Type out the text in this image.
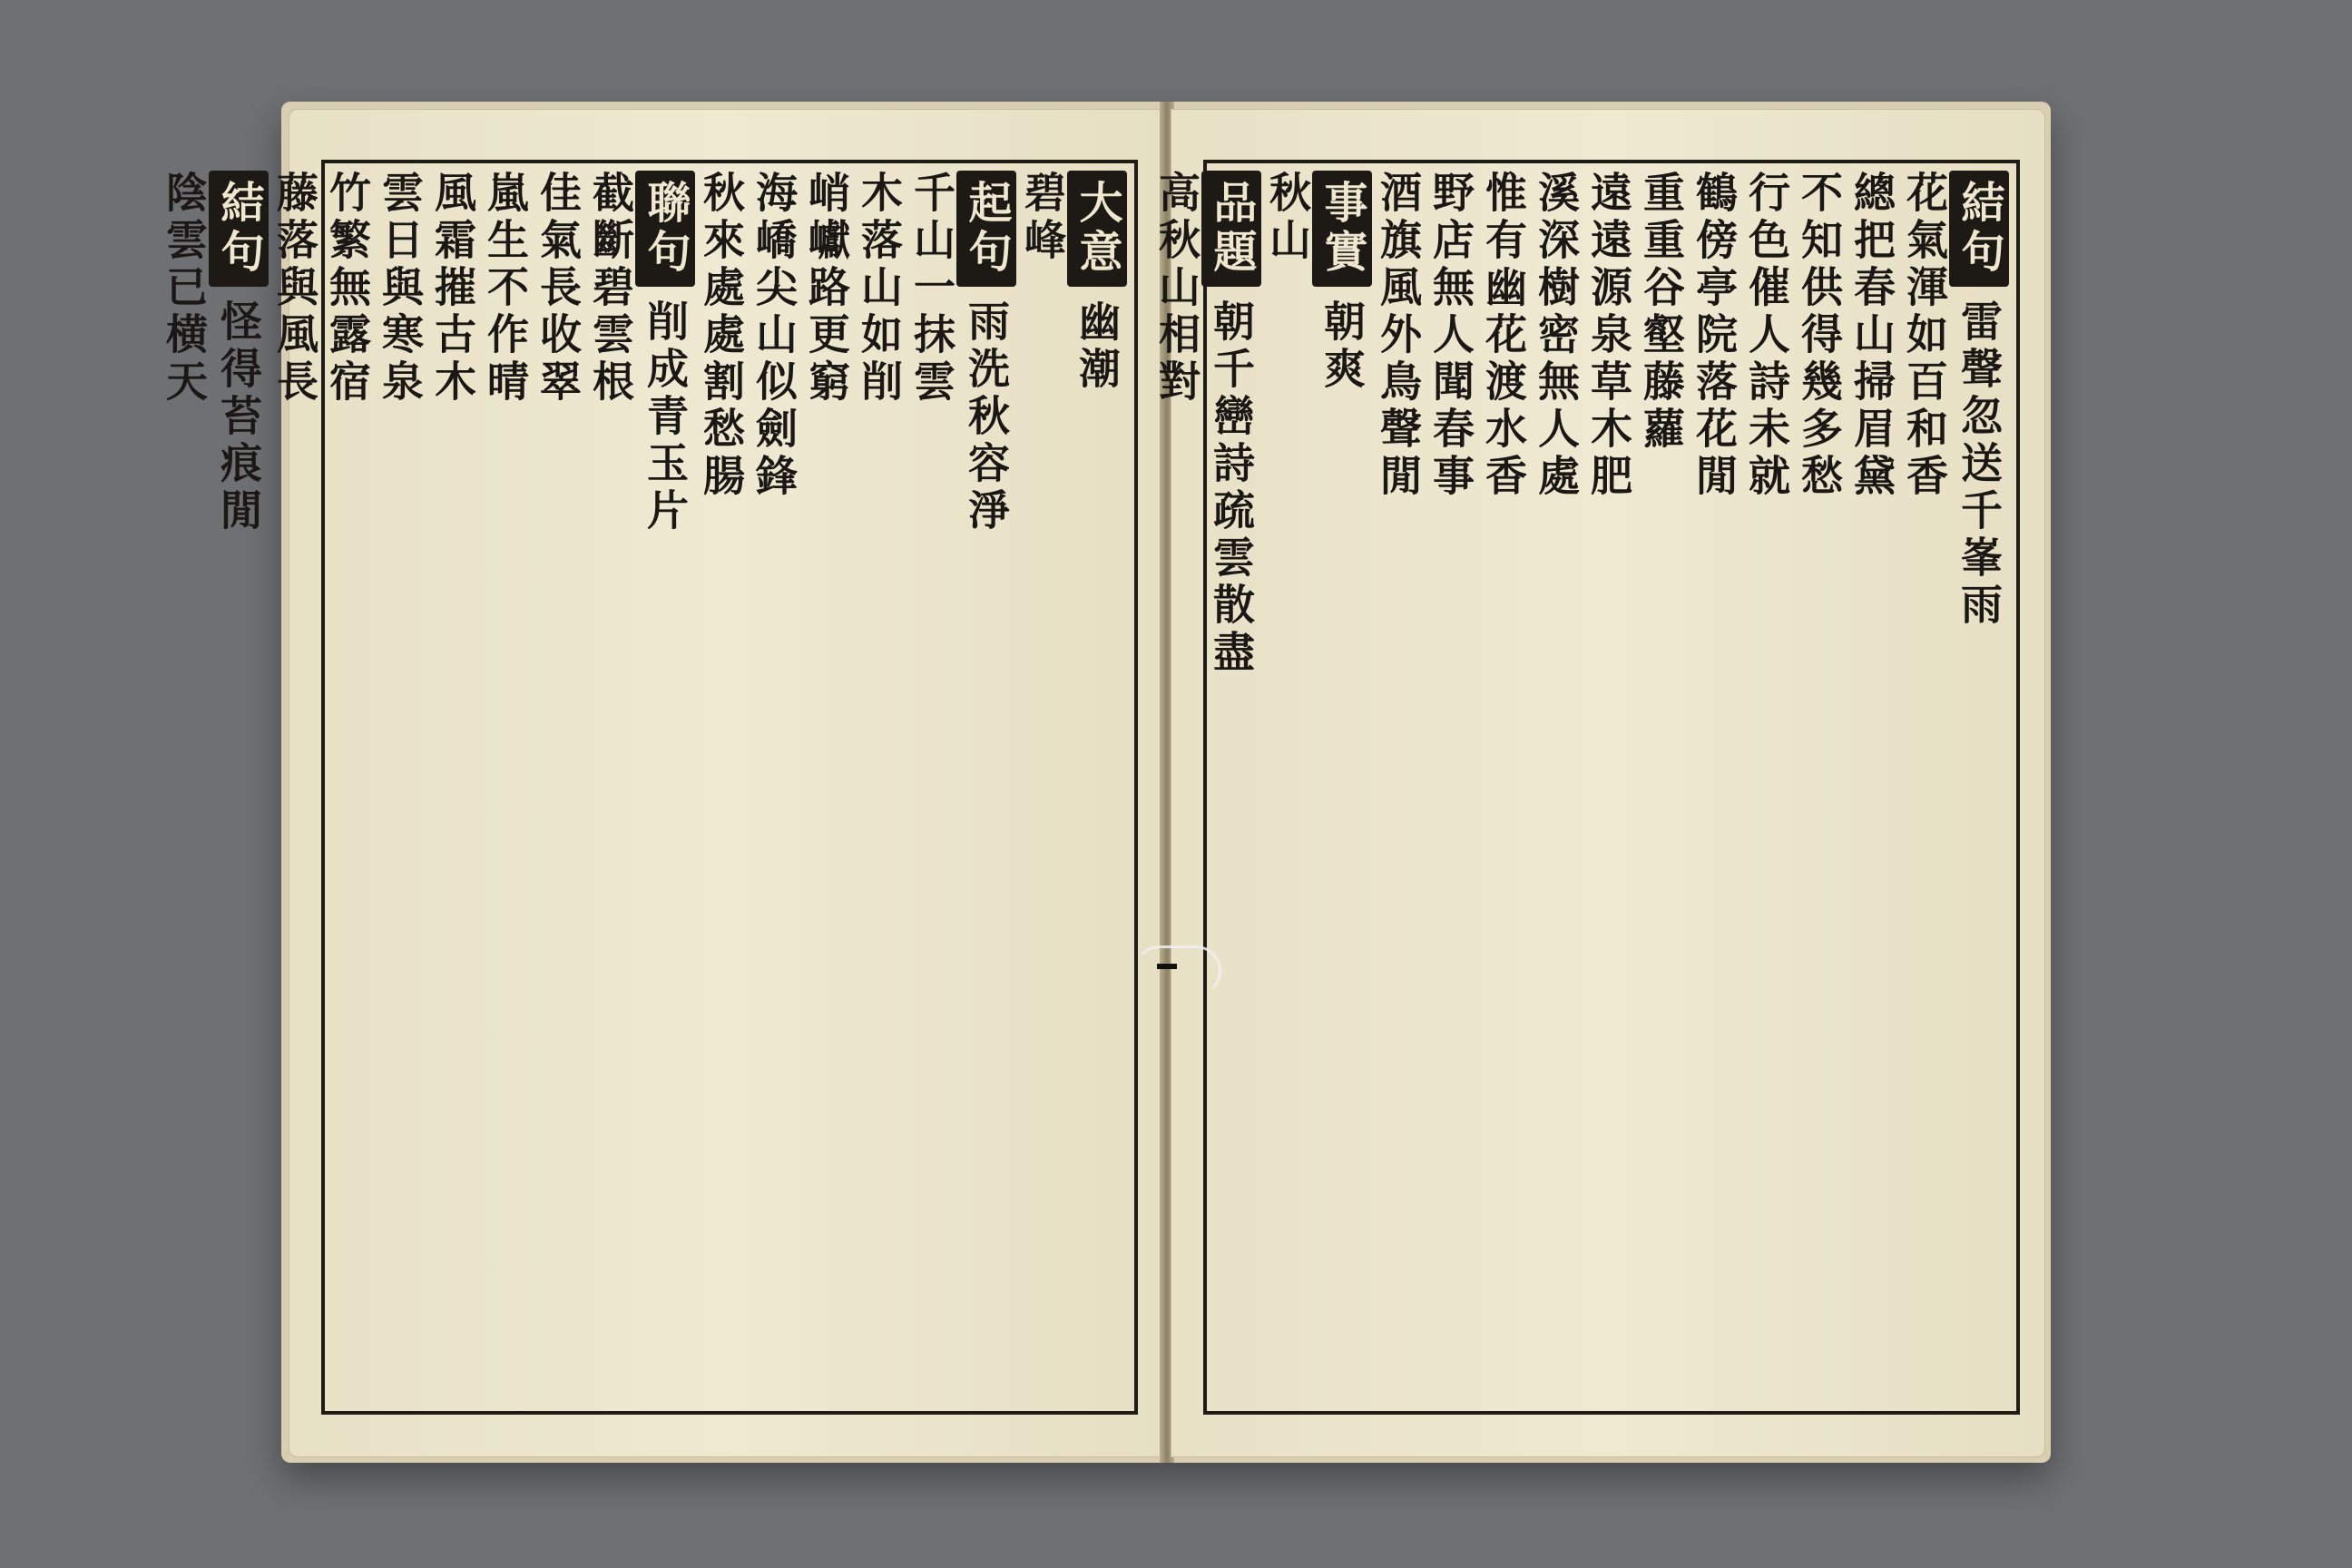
大意幽潮
碧峰
起句雨洗秋容淨
千山一抹雲
木落山如削
峭巘路更窮
海嶠尖山似劍鋒
秋來處處割愁腸
聯句削成青玉片
截斷碧雲根
佳氣長收翠
嵐生不作晴
風霜摧古木
雲日與寒泉
竹繁無露宿
藤落與風長
結句怪得苔痕閒
陰雲已横天	結句雷聲忽送千峯雨
花氣渾如百和香
總把春山掃眉黛
不知供得幾多愁
行色催人詩未就
鶴傍亭院落花閒
重重谷壑藤蘿
遠遠源泉草木肥
溪深樹密無人處
惟有幽花渡水香
野店無人聞春事
酒旗風外鳥聲閒
事實朝爽
秋山
品題朝千巒詩疏雲散盡
高秋山相對
